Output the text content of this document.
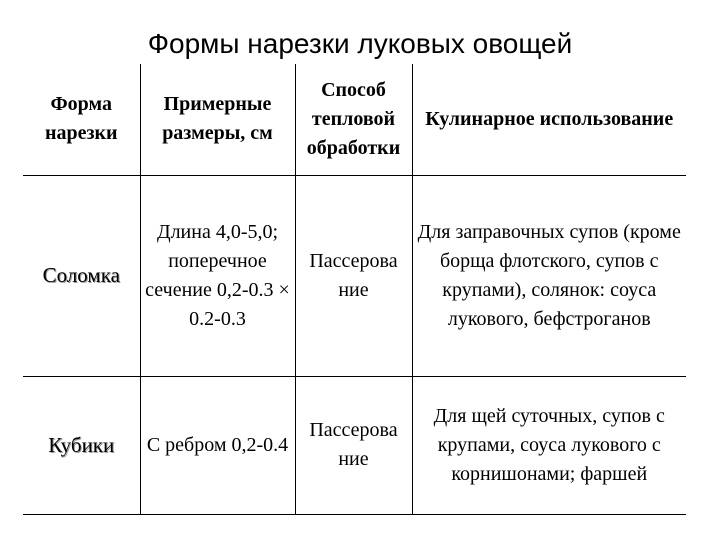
Формы нарезки луковых овощей
Форма нарезки	Примерные размеры, см	Способ тепловой обработки	Кулинарное использование
Соломка	Длина 4,0-5,0; поперечное сечение 0,2-0.3 × 0.2-0.3	Пассерова ние	Для заправочных супов (кроме борща флотского, супов с крупами), солянок: соуса лукового, бефстроганов
Кубики	С ребром 0,2-0.4	Пассерова ние	Для щей суточных, супов с крупами, соуса лукового с корнишонами; фаршей
